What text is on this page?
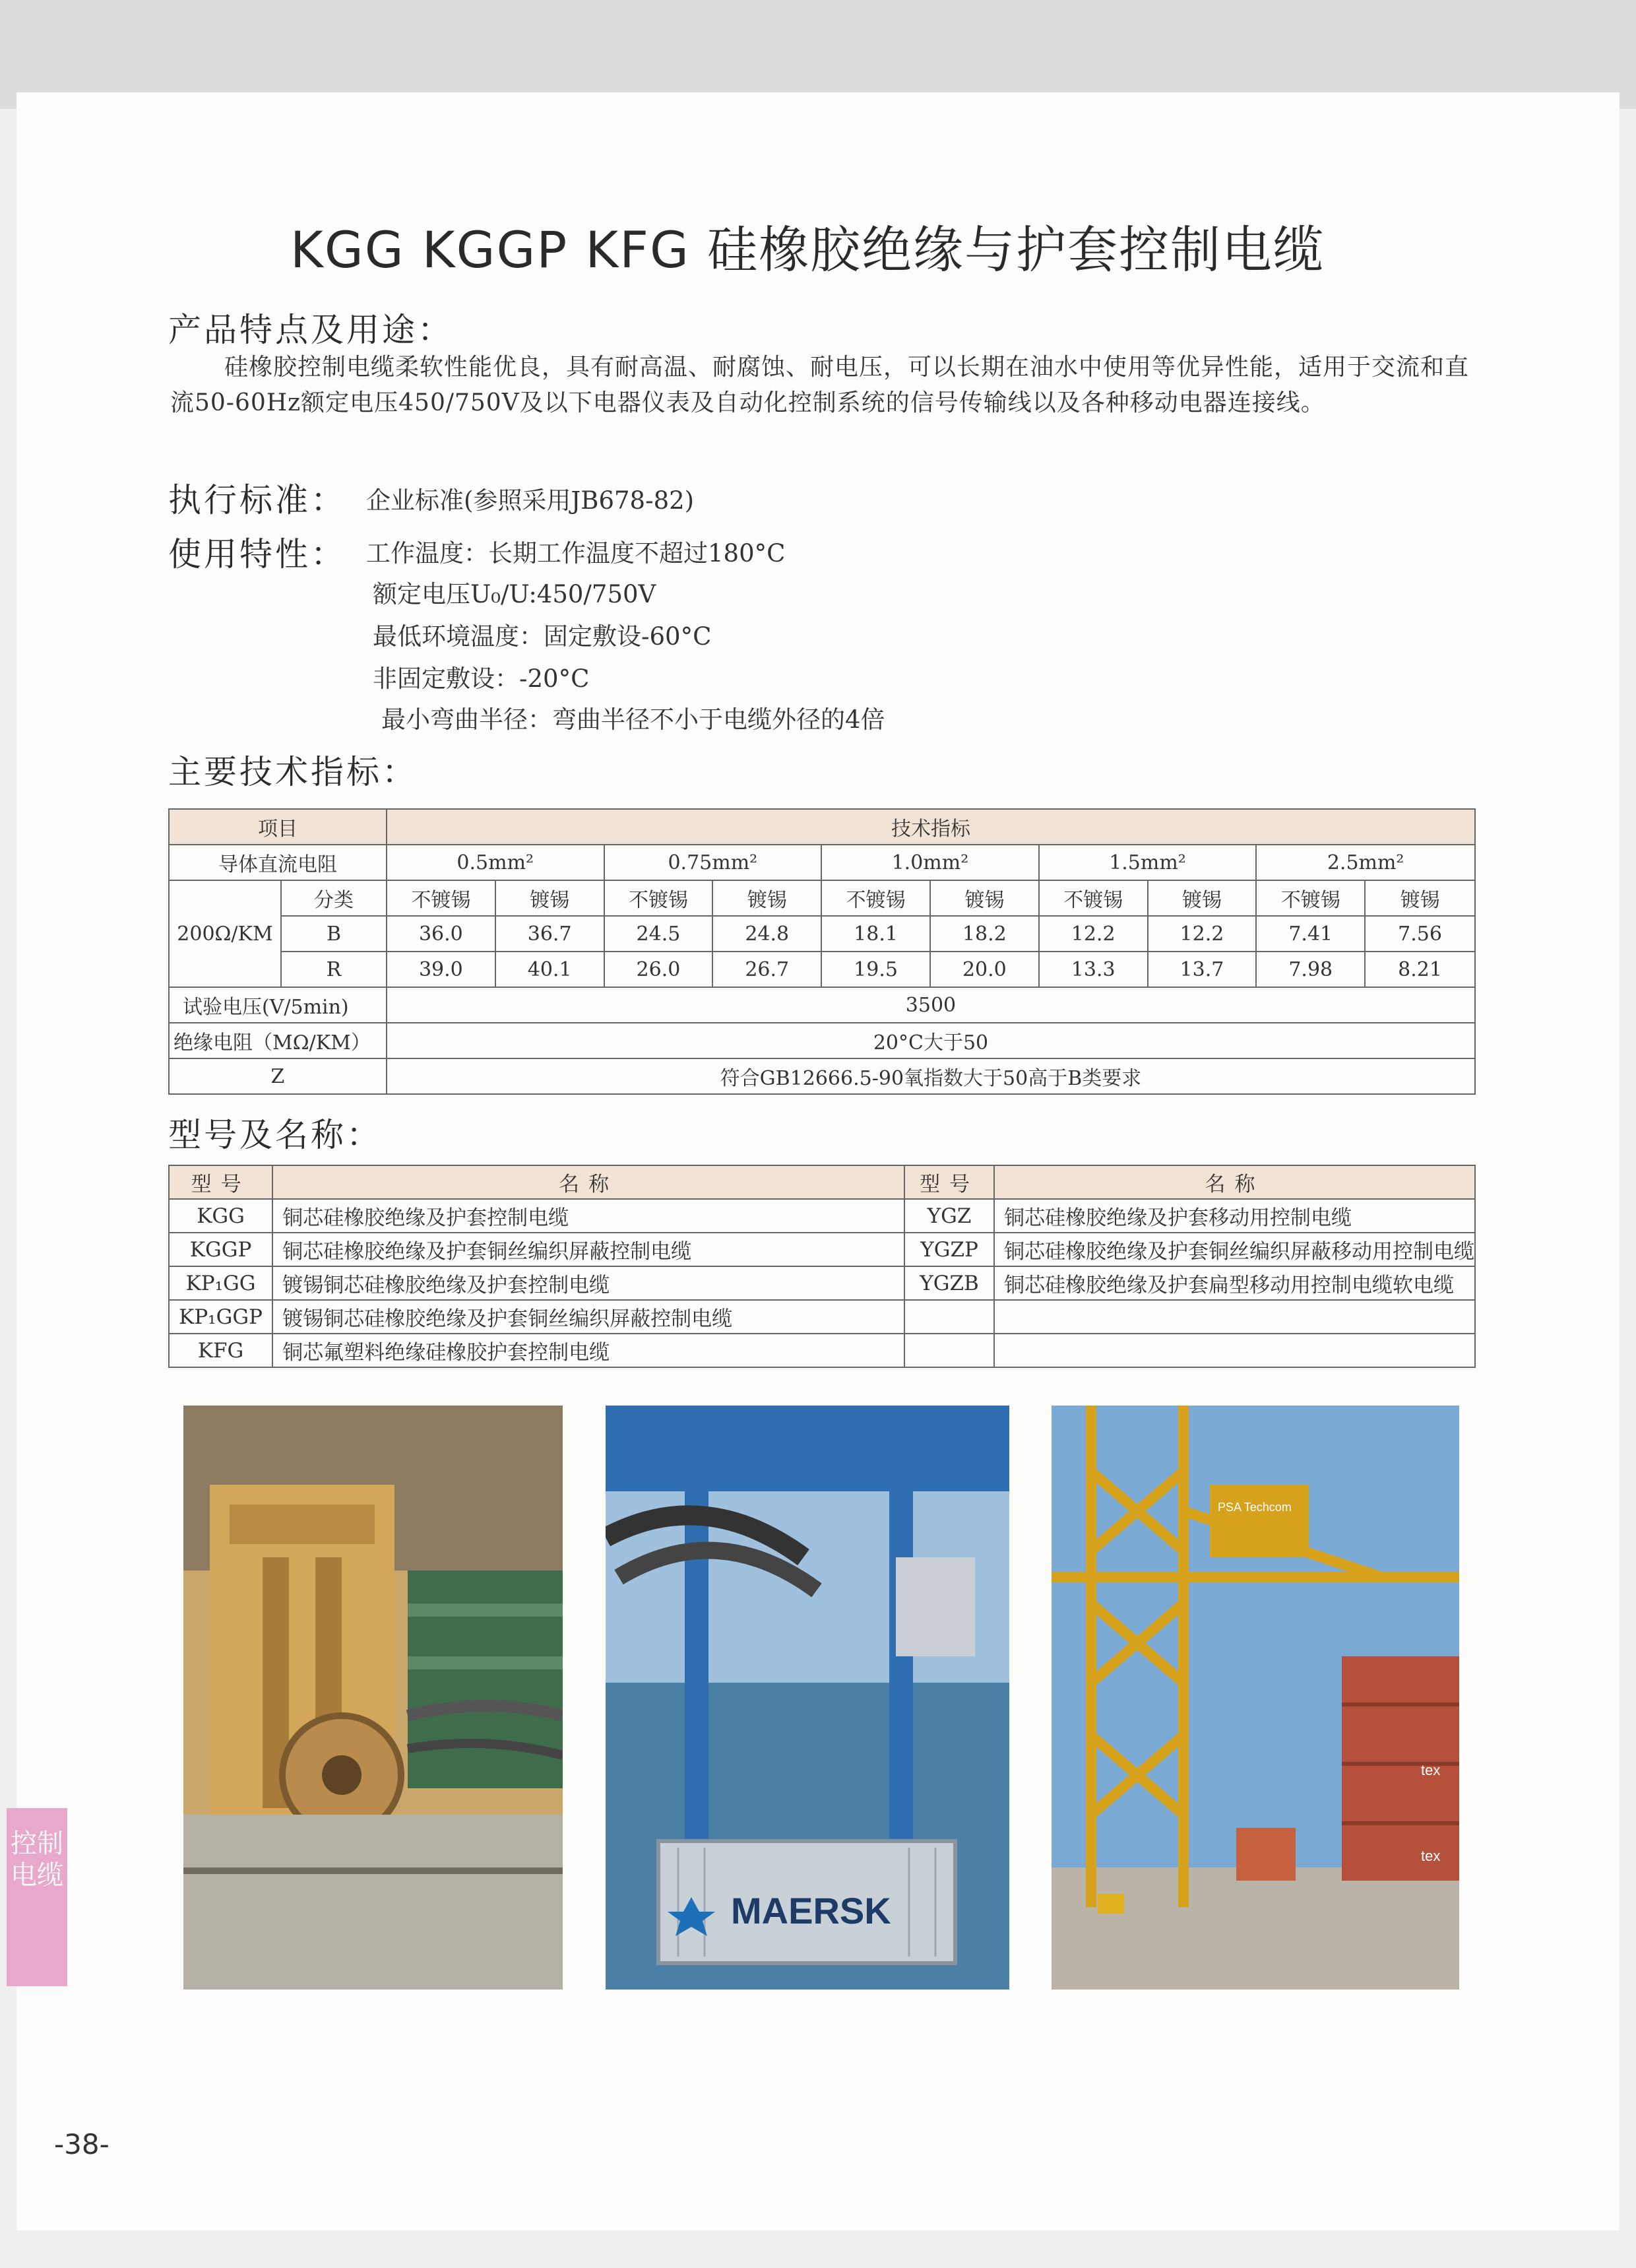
KGG KGGP KFG 硅橡胶绝缘与护套控制电缆
产品特点及用途：
硅橡胶控制电缆柔软性能优良，具有耐高温、耐腐蚀、耐电压，可以长期在油水中使用等优异性能，适用于交流和直流50-60Hz额定电压450/750V及以下电器仪表及自动化控制系统的信号传输线以及各种移动电器连接线。
执行标准： 企业标准(参照采用JB678-82)
使用特性： 工作温度：长期工作温度不超过180°C
额定电压U₀/U:450/750V
最低环境温度：固定敷设-60°C
非固定敷设：-20°C
最小弯曲半径：弯曲半径不小于电缆外径的4倍
主要技术指标：
项目		技术指标									
导体直流电阻		0.5mm²		0.75mm²		1.0mm²		1.5mm²		2.5mm²	
200Ω/KM	分类	不镀锡	镀锡	不镀锡	镀锡	不镀锡	镀锡	不镀锡	镀锡	不镀锡	镀锡
	B	36.0	36.7	24.5	24.8	18.1	18.2	12.2	12.2	7.41	7.56
	R	39.0	40.1	26.0	26.7	19.5	20.0	13.3	13.7	7.98	8.21
试验电压(V/5min)		3500									
绝缘电阻（MΩ/KM）		20°C大于50									
Z		符合GB12666.5-90氧指数大于50高于B类要求									
型号及名称：
型号	名称	型号	名称
KGG	铜芯硅橡胶绝缘及护套控制电缆	YGZ	铜芯硅橡胶绝缘及护套移动用控制电缆
KGGP	铜芯硅橡胶绝缘及护套铜丝编织屏蔽控制电缆	YGZP	铜芯硅橡胶绝缘及护套铜丝编织屏蔽移动用控制电缆
KP₁GG	镀锡铜芯硅橡胶绝缘及护套控制电缆	YGZB	铜芯硅橡胶绝缘及护套扁型移动用控制电缆软电缆
KP₁GGP	镀锡铜芯硅橡胶绝缘及护套铜丝编织屏蔽控制电缆		
KFG	铜芯氟塑料绝缘硅橡胶护套控制电缆		
MAERSK
PSA Techcom
tex
tex
控制电缆
-38-
